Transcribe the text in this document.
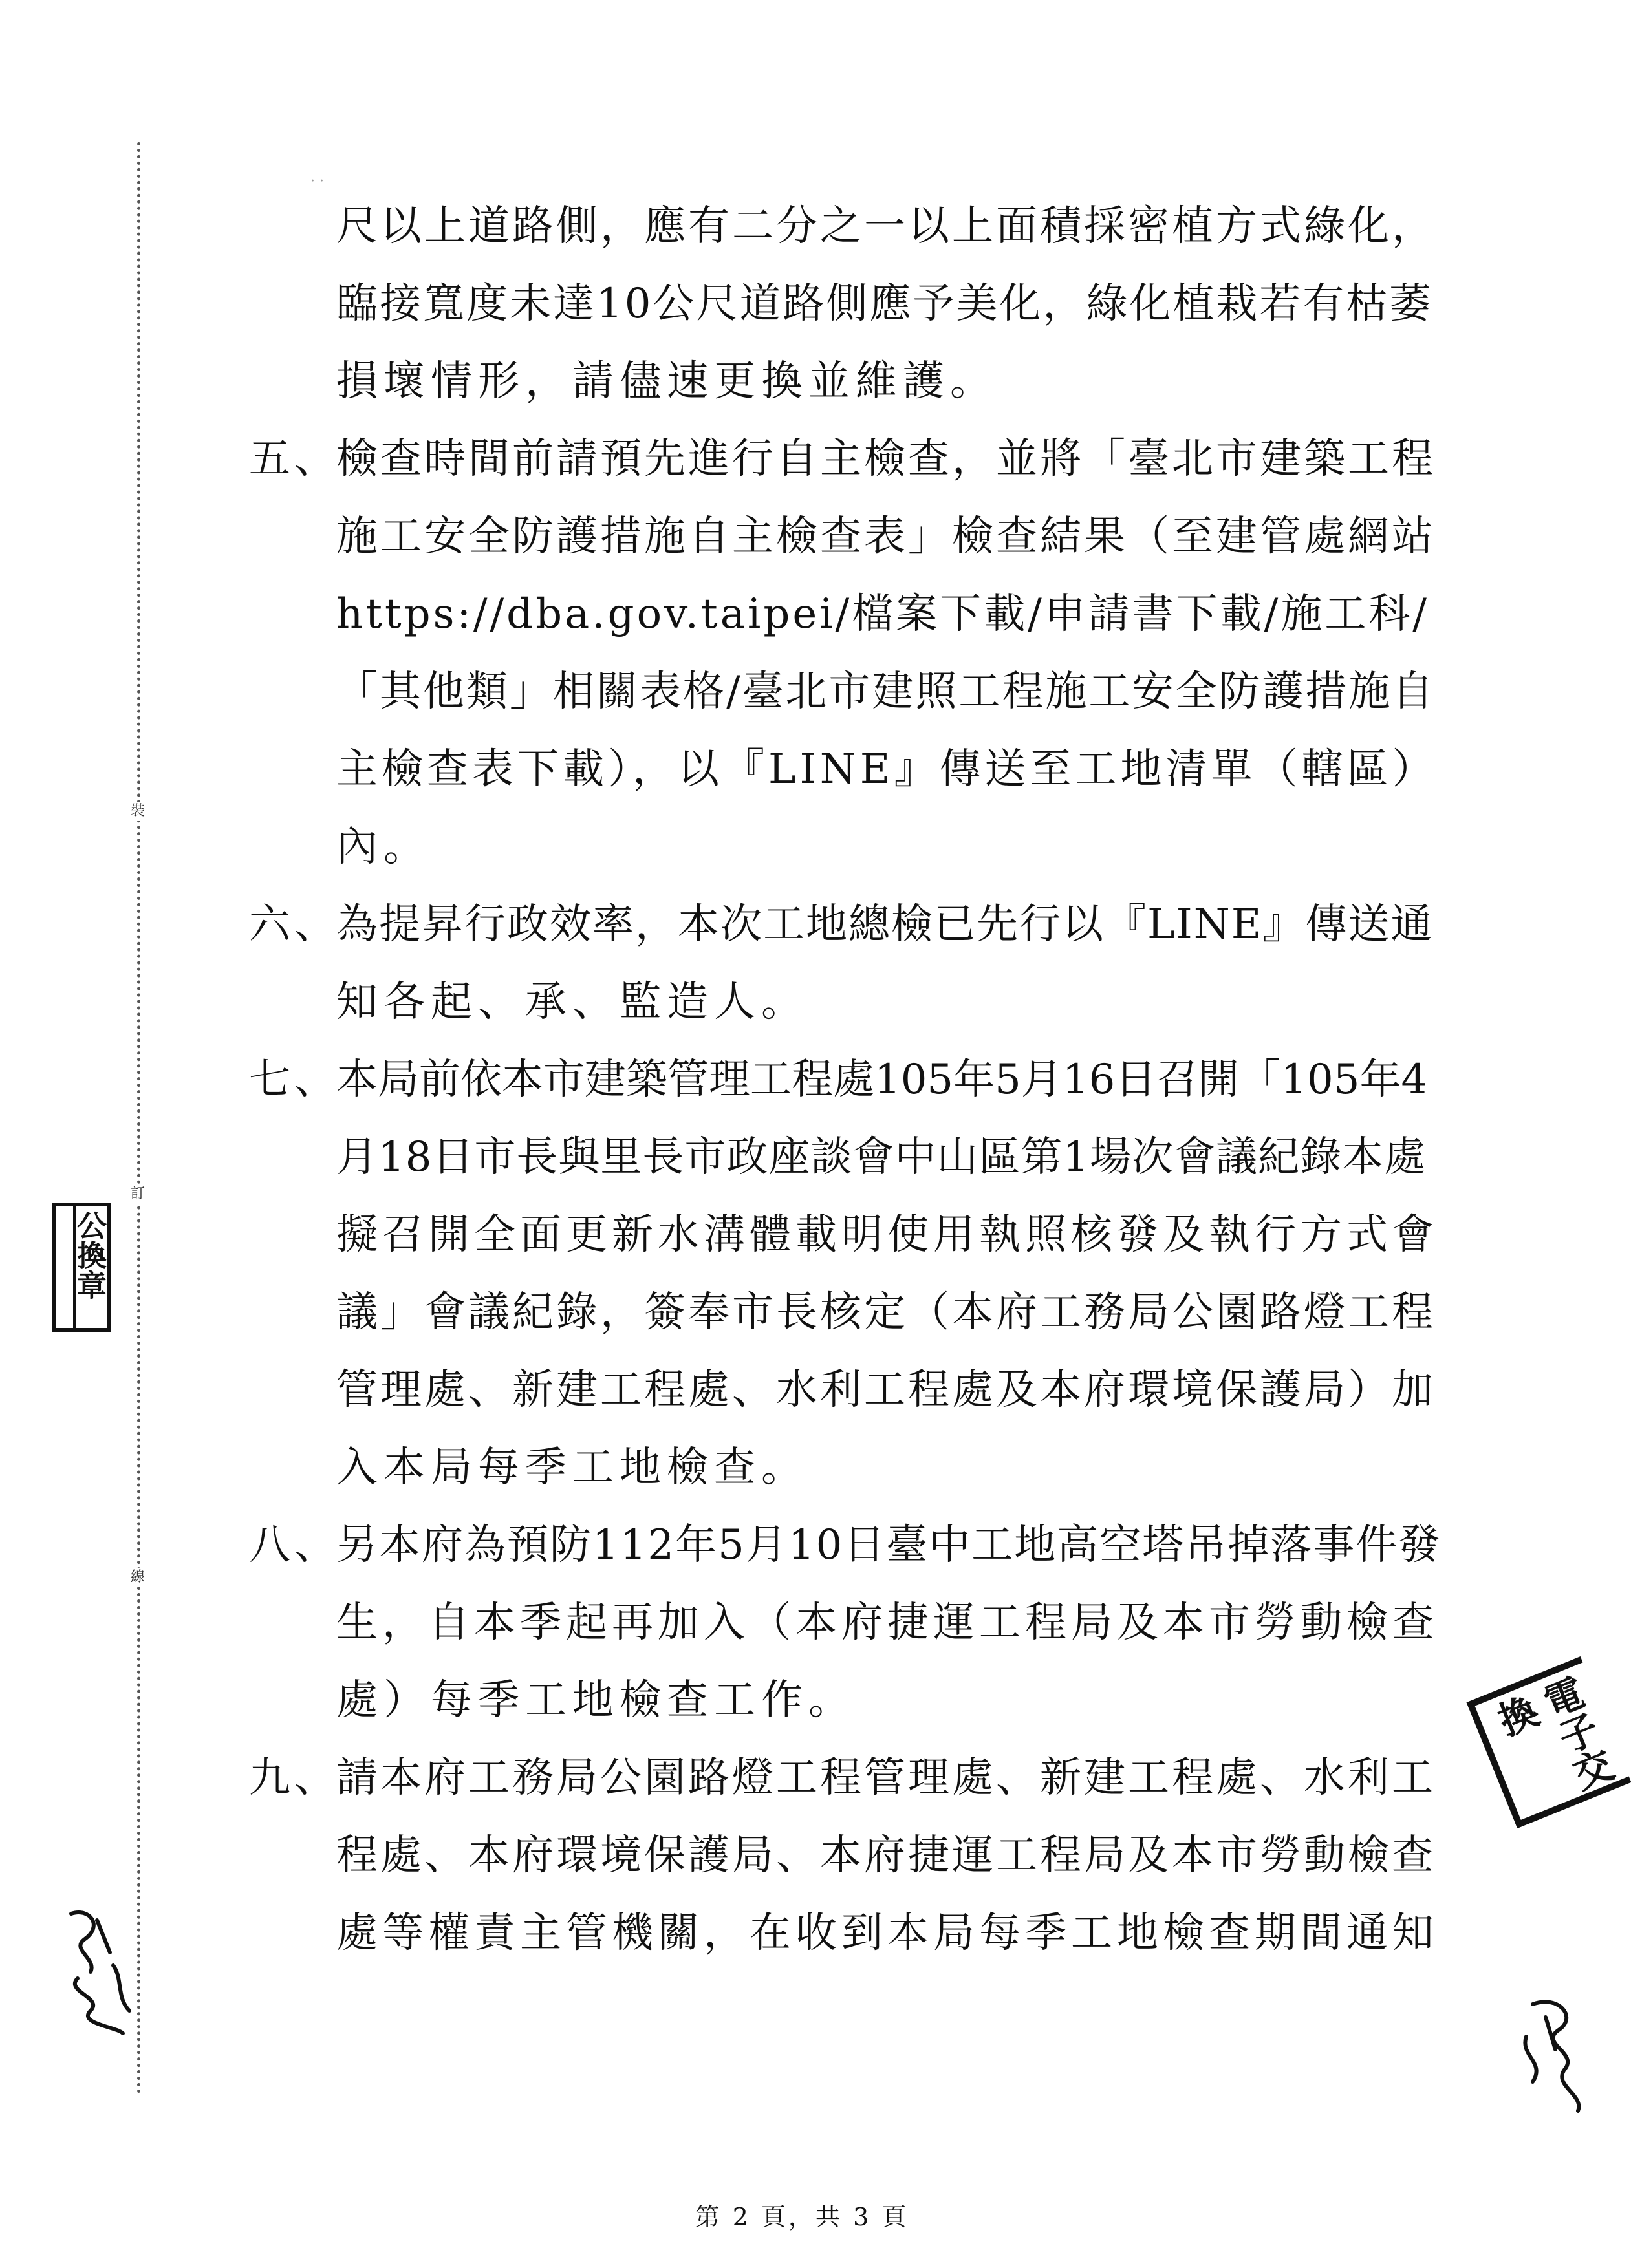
裝
訂
線
公換章
電子交換
· ·
尺以上道路側，應有二分之一以上面積採密植方式綠化，
臨接寬度未達10公尺道路側應予美化，綠化植栽若有枯萎
損壞情形，請儘速更換並維護。
五、
檢查時間前請預先進行自主檢查，並將「臺北市建築工程
施工安全防護措施自主檢查表」檢查結果（至建管處網站
https://dba.gov.taipei/檔案下載/申請書下載/施工科/
「其他類」相關表格/臺北市建照工程施工安全防護措施自
主檢查表下載），以『LINE』傳送至工地清單（轄區）
內。
六、
為提昇行政效率，本次工地總檢已先行以『LINE』傳送通
知各起、承、監造人。
七、
本局前依本市建築管理工程處105年5月16日召開「105年4
月18日市長與里長市政座談會中山區第1場次會議紀錄本處
擬召開全面更新水溝體載明使用執照核發及執行方式會
議」會議紀錄，簽奉市長核定（本府工務局公園路燈工程
管理處、新建工程處、水利工程處及本府環境保護局）加
入本局每季工地檢查。
八、
另本府為預防112年5月10日臺中工地高空塔吊掉落事件發
生，自本季起再加入（本府捷運工程局及本市勞動檢查
處）每季工地檢查工作。
九、
請本府工務局公園路燈工程管理處、新建工程處、水利工
程處、本府環境保護局、本府捷運工程局及本市勞動檢查
處等權責主管機關，在收到本局每季工地檢查期間通知
第 2 頁，共 3 頁
